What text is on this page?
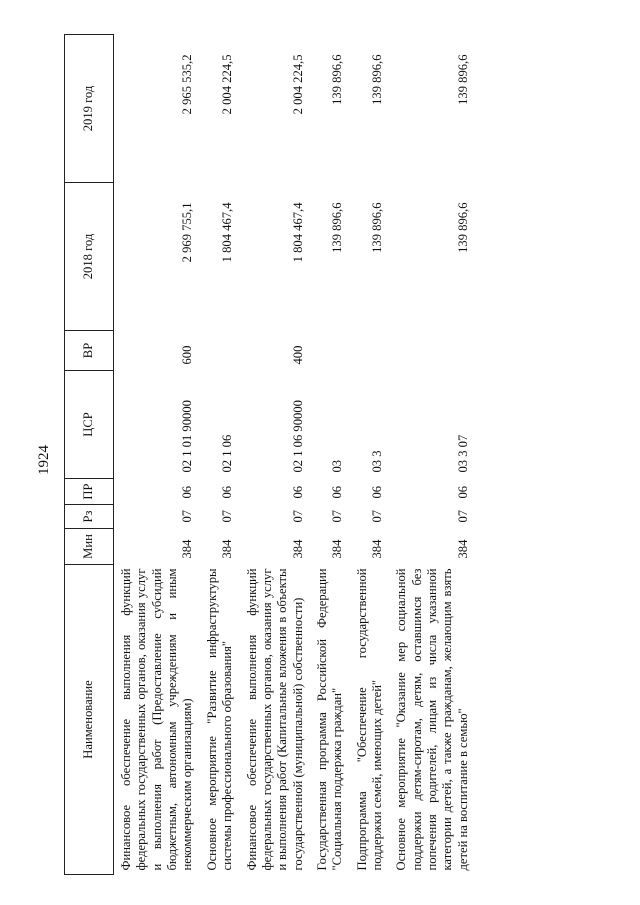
1924
Наименование	Мин	Рз	ПР	ЦСР	ВР	2018 год	2019 год
Финансовое обеспечение выполнения функций федеральных государственных органов, оказания услуг и выполнения работ (Предоставление субсидий бюджетным, автономным учреждениям и иным некоммерческим организациям)	384	07	06	02 1 01 90000	600	2 969 755,1	2 965 535,2
Основное мероприятие "Развитие инфраструктуры системы профессионального образования"	384	07	06	02 1 06		1 804 467,4	2 004 224,5
Финансовое обеспечение выполнения функций федеральных государственных органов, оказания услуг и выполнения работ (Капитальные вложения в объекты государственной (муниципальной) собственности)	384	07	06	02 1 06 90000	400	1 804 467,4	2 004 224,5
Государственная программа Российской Федерации "Социальная поддержка граждан"	384	07	06	03		139 896,6	139 896,6
Подпрограмма "Обеспечение государственной поддержки семей, имеющих детей"	384	07	06	03 3		139 896,6	139 896,6
Основное мероприятие "Оказание мер социальной поддержки детям-сиротам, детям, оставшимся без попечения родителей, лицам из числа указанной категории детей, а также гражданам, желающим взять детей на воспитание в семью"	384	07	06	03 3 07		139 896,6	139 896,6
